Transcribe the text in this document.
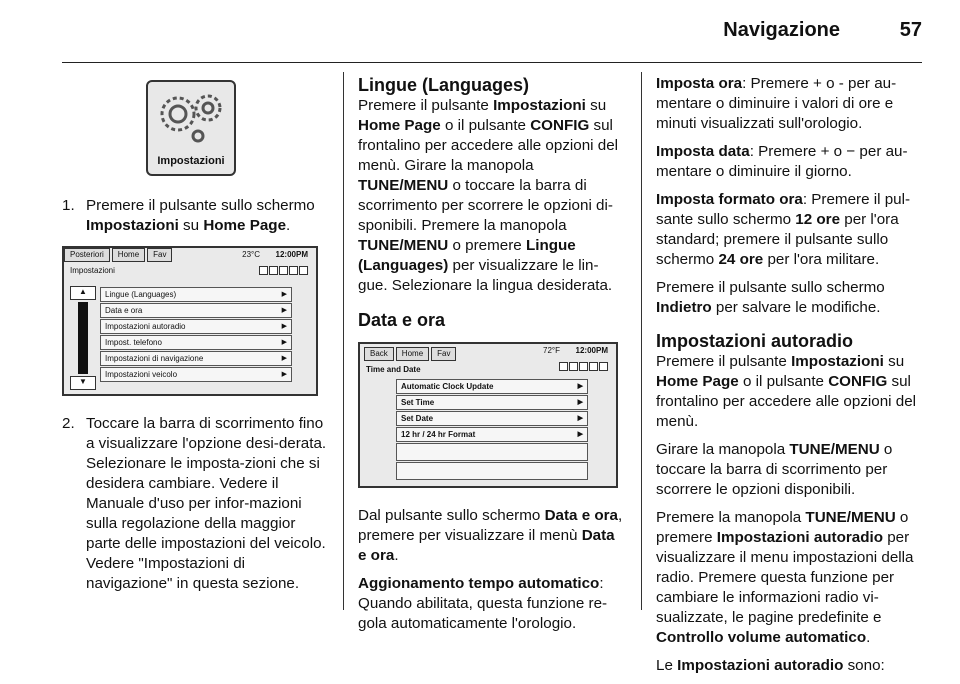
Navigazione	57
Impostazioni
1. Premere il pulsante sullo schermo Impostazioni su Home Page.
Posteriori	Home	Fav	23°C 12:00PM
Impostazioni
▲
▼
Lingue (Languages) ▶
Data e ora ▶
Impostazioni autoradio ▶
Impost. telefono ▶
Impostazioni di navigazione ▶
Impostazioni veicolo ▶
2. Toccare la barra di scorrimento fino a visualizzare l'opzione desi-derata. Selezionare le imposta-zioni che si desidera cambiare. Vedere il Manuale d'uso per infor-mazioni sulla regolazione della maggior parte delle impostazioni del veicolo. Vedere "Impostazioni di navigazione" in questa sezione.
Lingue (Languages)

Premere il pulsante Impostazioni su Home Page o il pulsante CONFIG sul frontalino per accedere alle opzioni del menù. Girare la manopola TUNE/MENU o toccare la barra di scorrimento per scorrere le opzioni di-sponibili. Premere la manopola TUNE/MENU o premere Lingue (Languages) per visualizzare le lin-gue. Selezionare la lingua desiderata.

Data e ora
Back	Home	Fav	72°F 12:00PM
Time and Date
Automatic Clock Update ▶
Set Time ▶
Set Date ▶
12 hr / 24 hr Format ▶

Dal pulsante sullo schermo Data e ora, premere per visualizzare il menù Data e ora.

Aggionamento tempo automatico: Quando abilitata, questa funzione re-gola automaticamente l'orologio.

Imposta ora: Premere + o - per au-mentare o diminuire i valori di ore e minuti visualizzati sull'orologio.

Imposta data: Premere + o − per au-mentare o diminuire il giorno.

Imposta formato ora: Premere il pul-sante sullo schermo 12 ore per l'ora standard; premere il pulsante sullo schermo 24 ore per l'ora militare.

Premere il pulsante sullo schermo Indietro per salvare le modifiche.

Impostazioni autoradio

Premere il pulsante Impostazioni su Home Page o il pulsante CONFIG sul frontalino per accedere alle opzioni del menù.

Girare la manopola TUNE/MENU o toccare la barra di scorrimento per scorrere le opzioni disponibili.

Premere la manopola TUNE/MENU o premere Impostazioni autoradio per visualizzare il menu impostazioni della radio. Premere questa funzione per cambiare le informazioni radio vi-sualizzate, le pagine predefinite e Controllo volume automatico.

Le Impostazioni autoradio sono:
